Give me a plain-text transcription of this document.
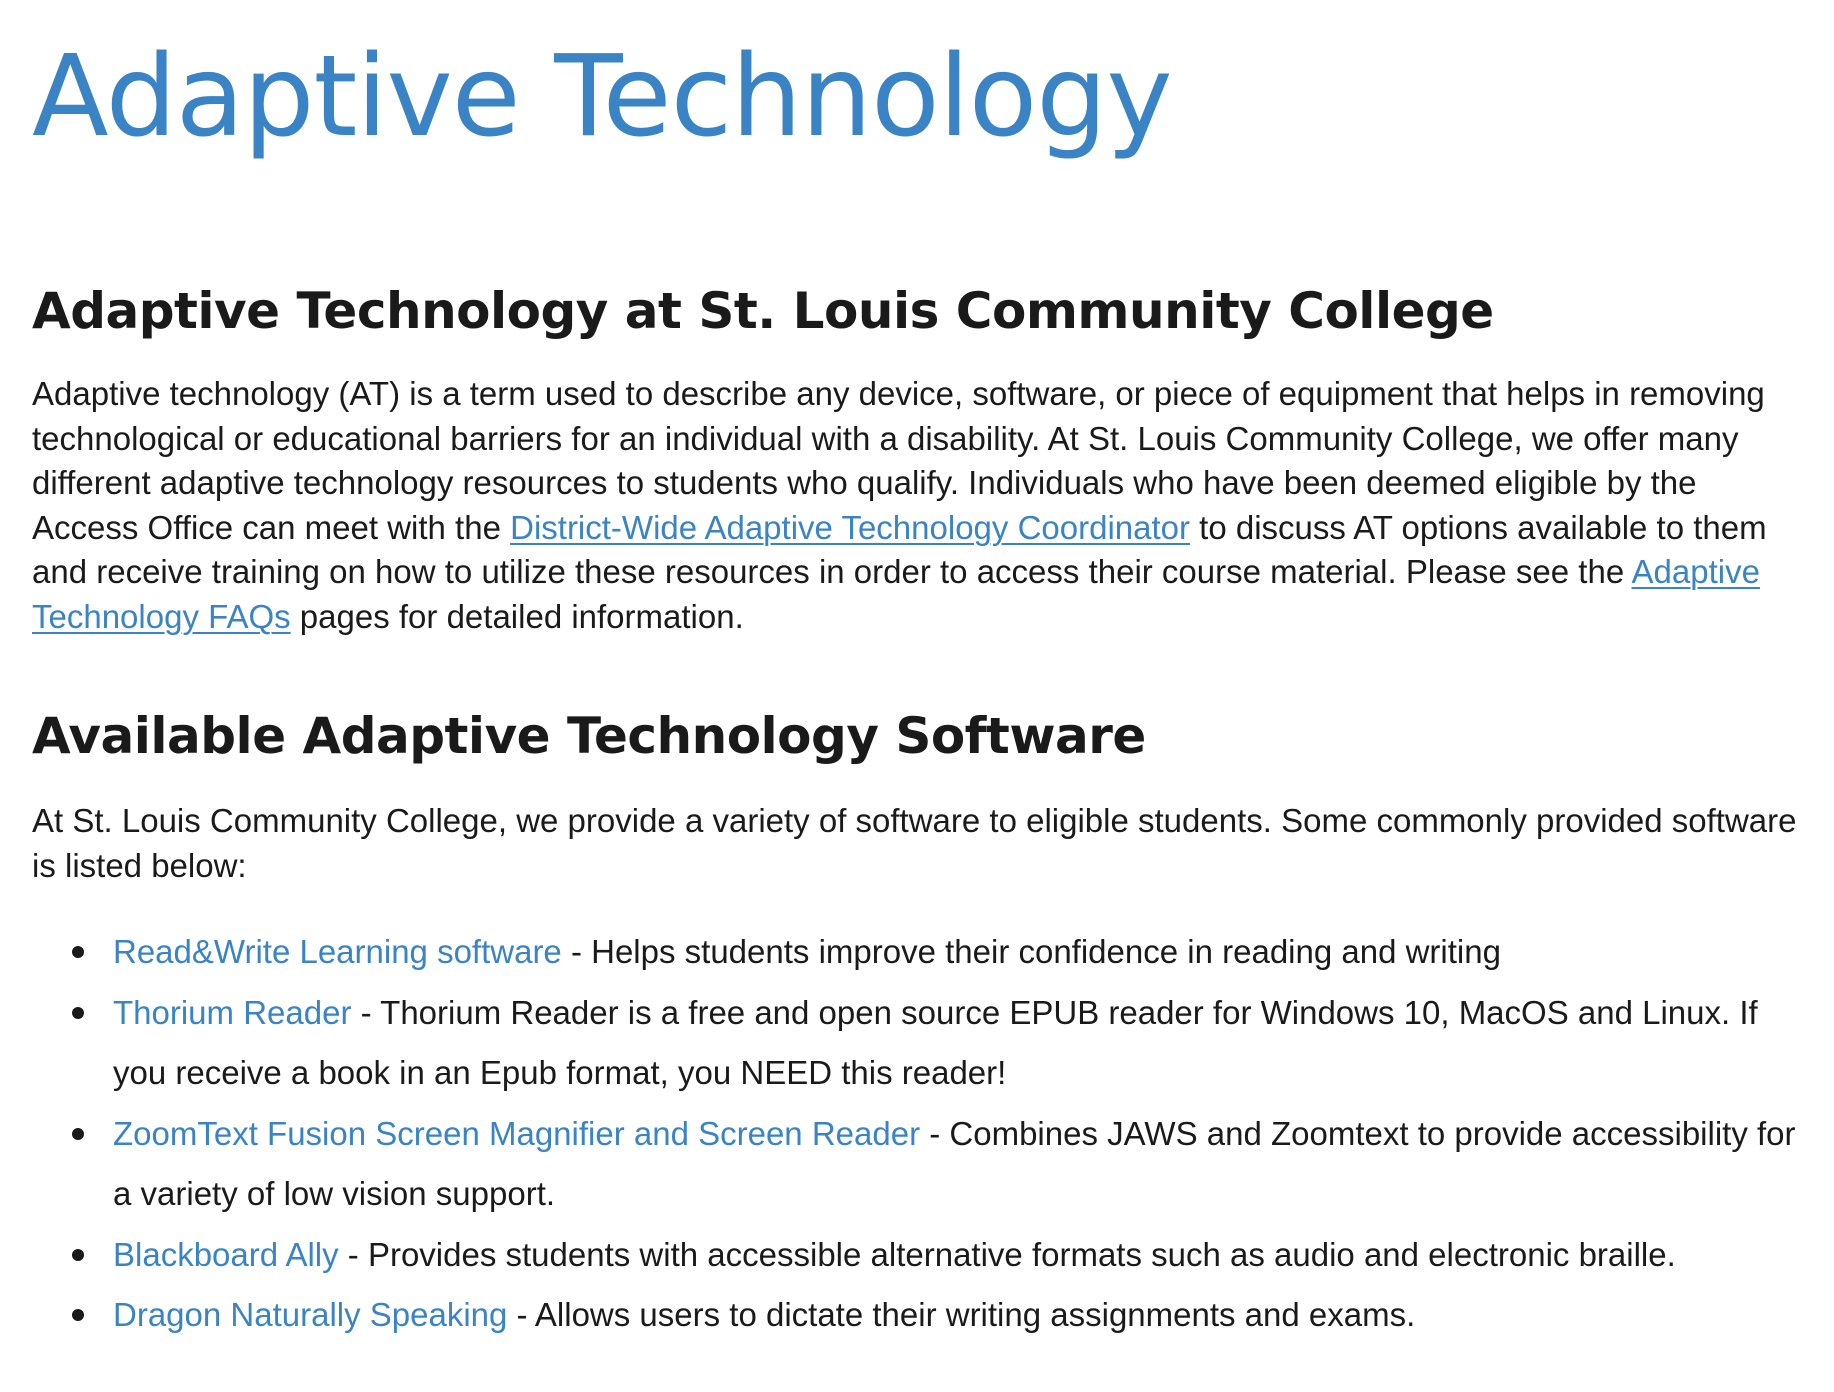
Adaptive Technology
Adaptive Technology at St. Louis Community College

Adaptive technology (AT) is a term used to describe any device, software, or piece of equipment that helps in removing technological or educational barriers for an individual with a disability. At St. Louis Community College, we offer many different adaptive technology resources to students who qualify. Individuals who have been deemed eligible by the Access Office can meet with the District-Wide Adaptive Technology Coordinator to discuss AT options available to them and receive training on how to utilize these resources in order to access their course material. Please see the Adaptive Technology FAQs pages for detailed information.

Available Adaptive Technology Software

At St. Louis Community College, we provide a variety of software to eligible students. Some commonly provided software is listed below:

Read&Write Learning software - Helps students improve their confidence in reading and writing
Thorium Reader - Thorium Reader is a free and open source EPUB reader for Windows 10, MacOS and Linux. If you receive a book in an Epub format, you NEED this reader!
ZoomText Fusion Screen Magnifier and Screen Reader - Combines JAWS and Zoomtext to provide accessibility for a variety of low vision support.
Blackboard Ally - Provides students with accessible alternative formats such as audio and electronic braille.
Dragon Naturally Speaking - Allows users to dictate their writing assignments and exams.
